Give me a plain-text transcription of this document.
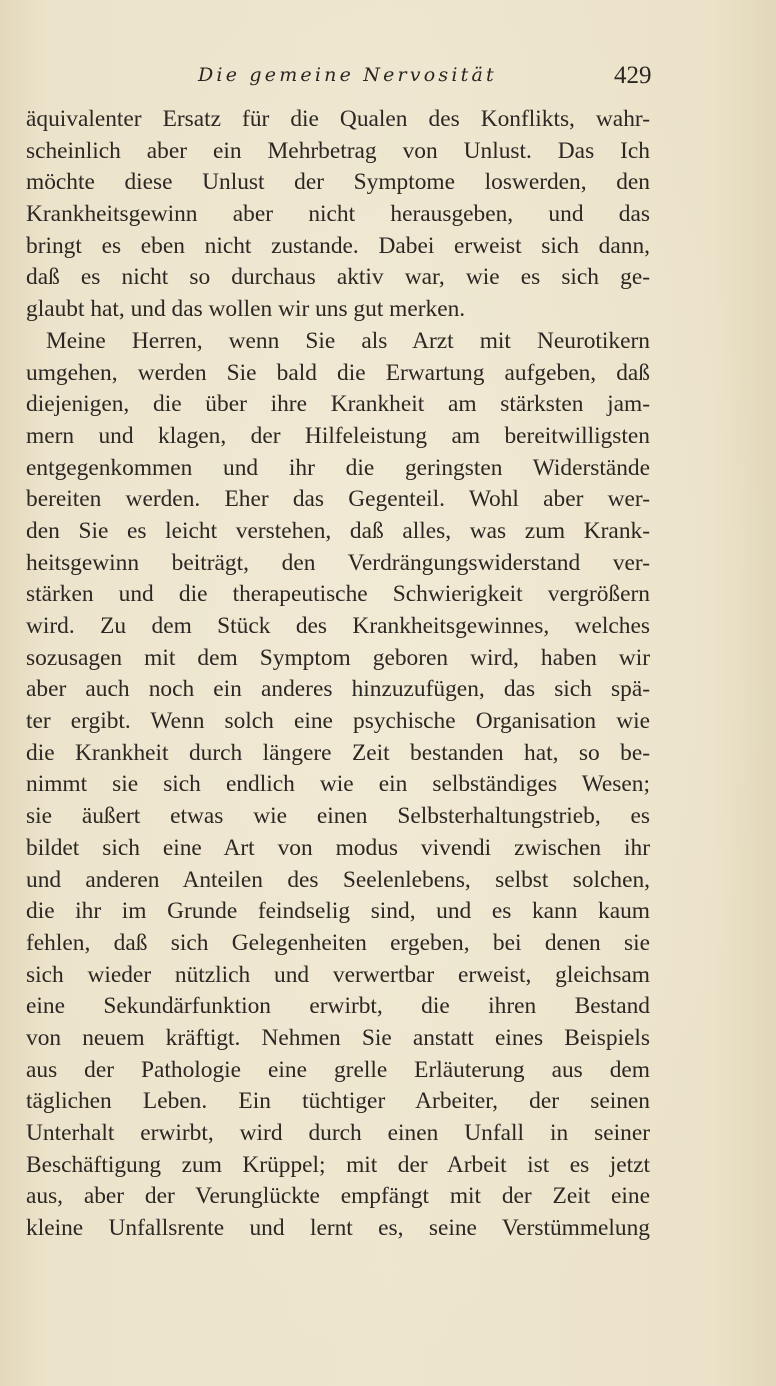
Die gemeine Nervosität	429
äquivalenter Ersatz für die Qualen des Konflikts, wahr-
scheinlich aber ein Mehrbetrag von Unlust. Das Ich
möchte diese Unlust der Symptome loswerden, den
Krankheitsgewinn aber nicht herausgeben, und das
bringt es eben nicht zustande. Dabei erweist sich dann,
daß es nicht so durchaus aktiv war, wie es sich ge-
glaubt hat, und das wollen wir uns gut merken.
Meine Herren, wenn Sie als Arzt mit Neurotikern
umgehen, werden Sie bald die Erwartung aufgeben, daß
diejenigen, die über ihre Krankheit am stärksten jam-
mern und klagen, der Hilfeleistung am bereitwilligsten
entgegenkommen und ihr die geringsten Widerstände
bereiten werden. Eher das Gegenteil. Wohl aber wer-
den Sie es leicht verstehen, daß alles, was zum Krank-
heitsgewinn beiträgt, den Verdrängungswiderstand ver-
stärken und die therapeutische Schwierigkeit vergrößern
wird. Zu dem Stück des Krankheitsgewinnes, welches
sozusagen mit dem Symptom geboren wird, haben wir
aber auch noch ein anderes hinzuzufügen, das sich spä-
ter ergibt. Wenn solch eine psychische Organisation wie
die Krankheit durch längere Zeit bestanden hat, so be-
nimmt sie sich endlich wie ein selbständiges Wesen;
sie äußert etwas wie einen Selbsterhaltungstrieb, es
bildet sich eine Art von modus vivendi zwischen ihr
und anderen Anteilen des Seelenlebens, selbst solchen,
die ihr im Grunde feindselig sind, und es kann kaum
fehlen, daß sich Gelegenheiten ergeben, bei denen sie
sich wieder nützlich und verwertbar erweist, gleichsam
eine Sekundärfunktion erwirbt, die ihren Bestand
von neuem kräftigt. Nehmen Sie anstatt eines Beispiels
aus der Pathologie eine grelle Erläuterung aus dem
täglichen Leben. Ein tüchtiger Arbeiter, der seinen
Unterhalt erwirbt, wird durch einen Unfall in seiner
Beschäftigung zum Krüppel; mit der Arbeit ist es jetzt
aus, aber der Verunglückte empfängt mit der Zeit eine
kleine Unfallsrente und lernt es, seine Verstümmelung
